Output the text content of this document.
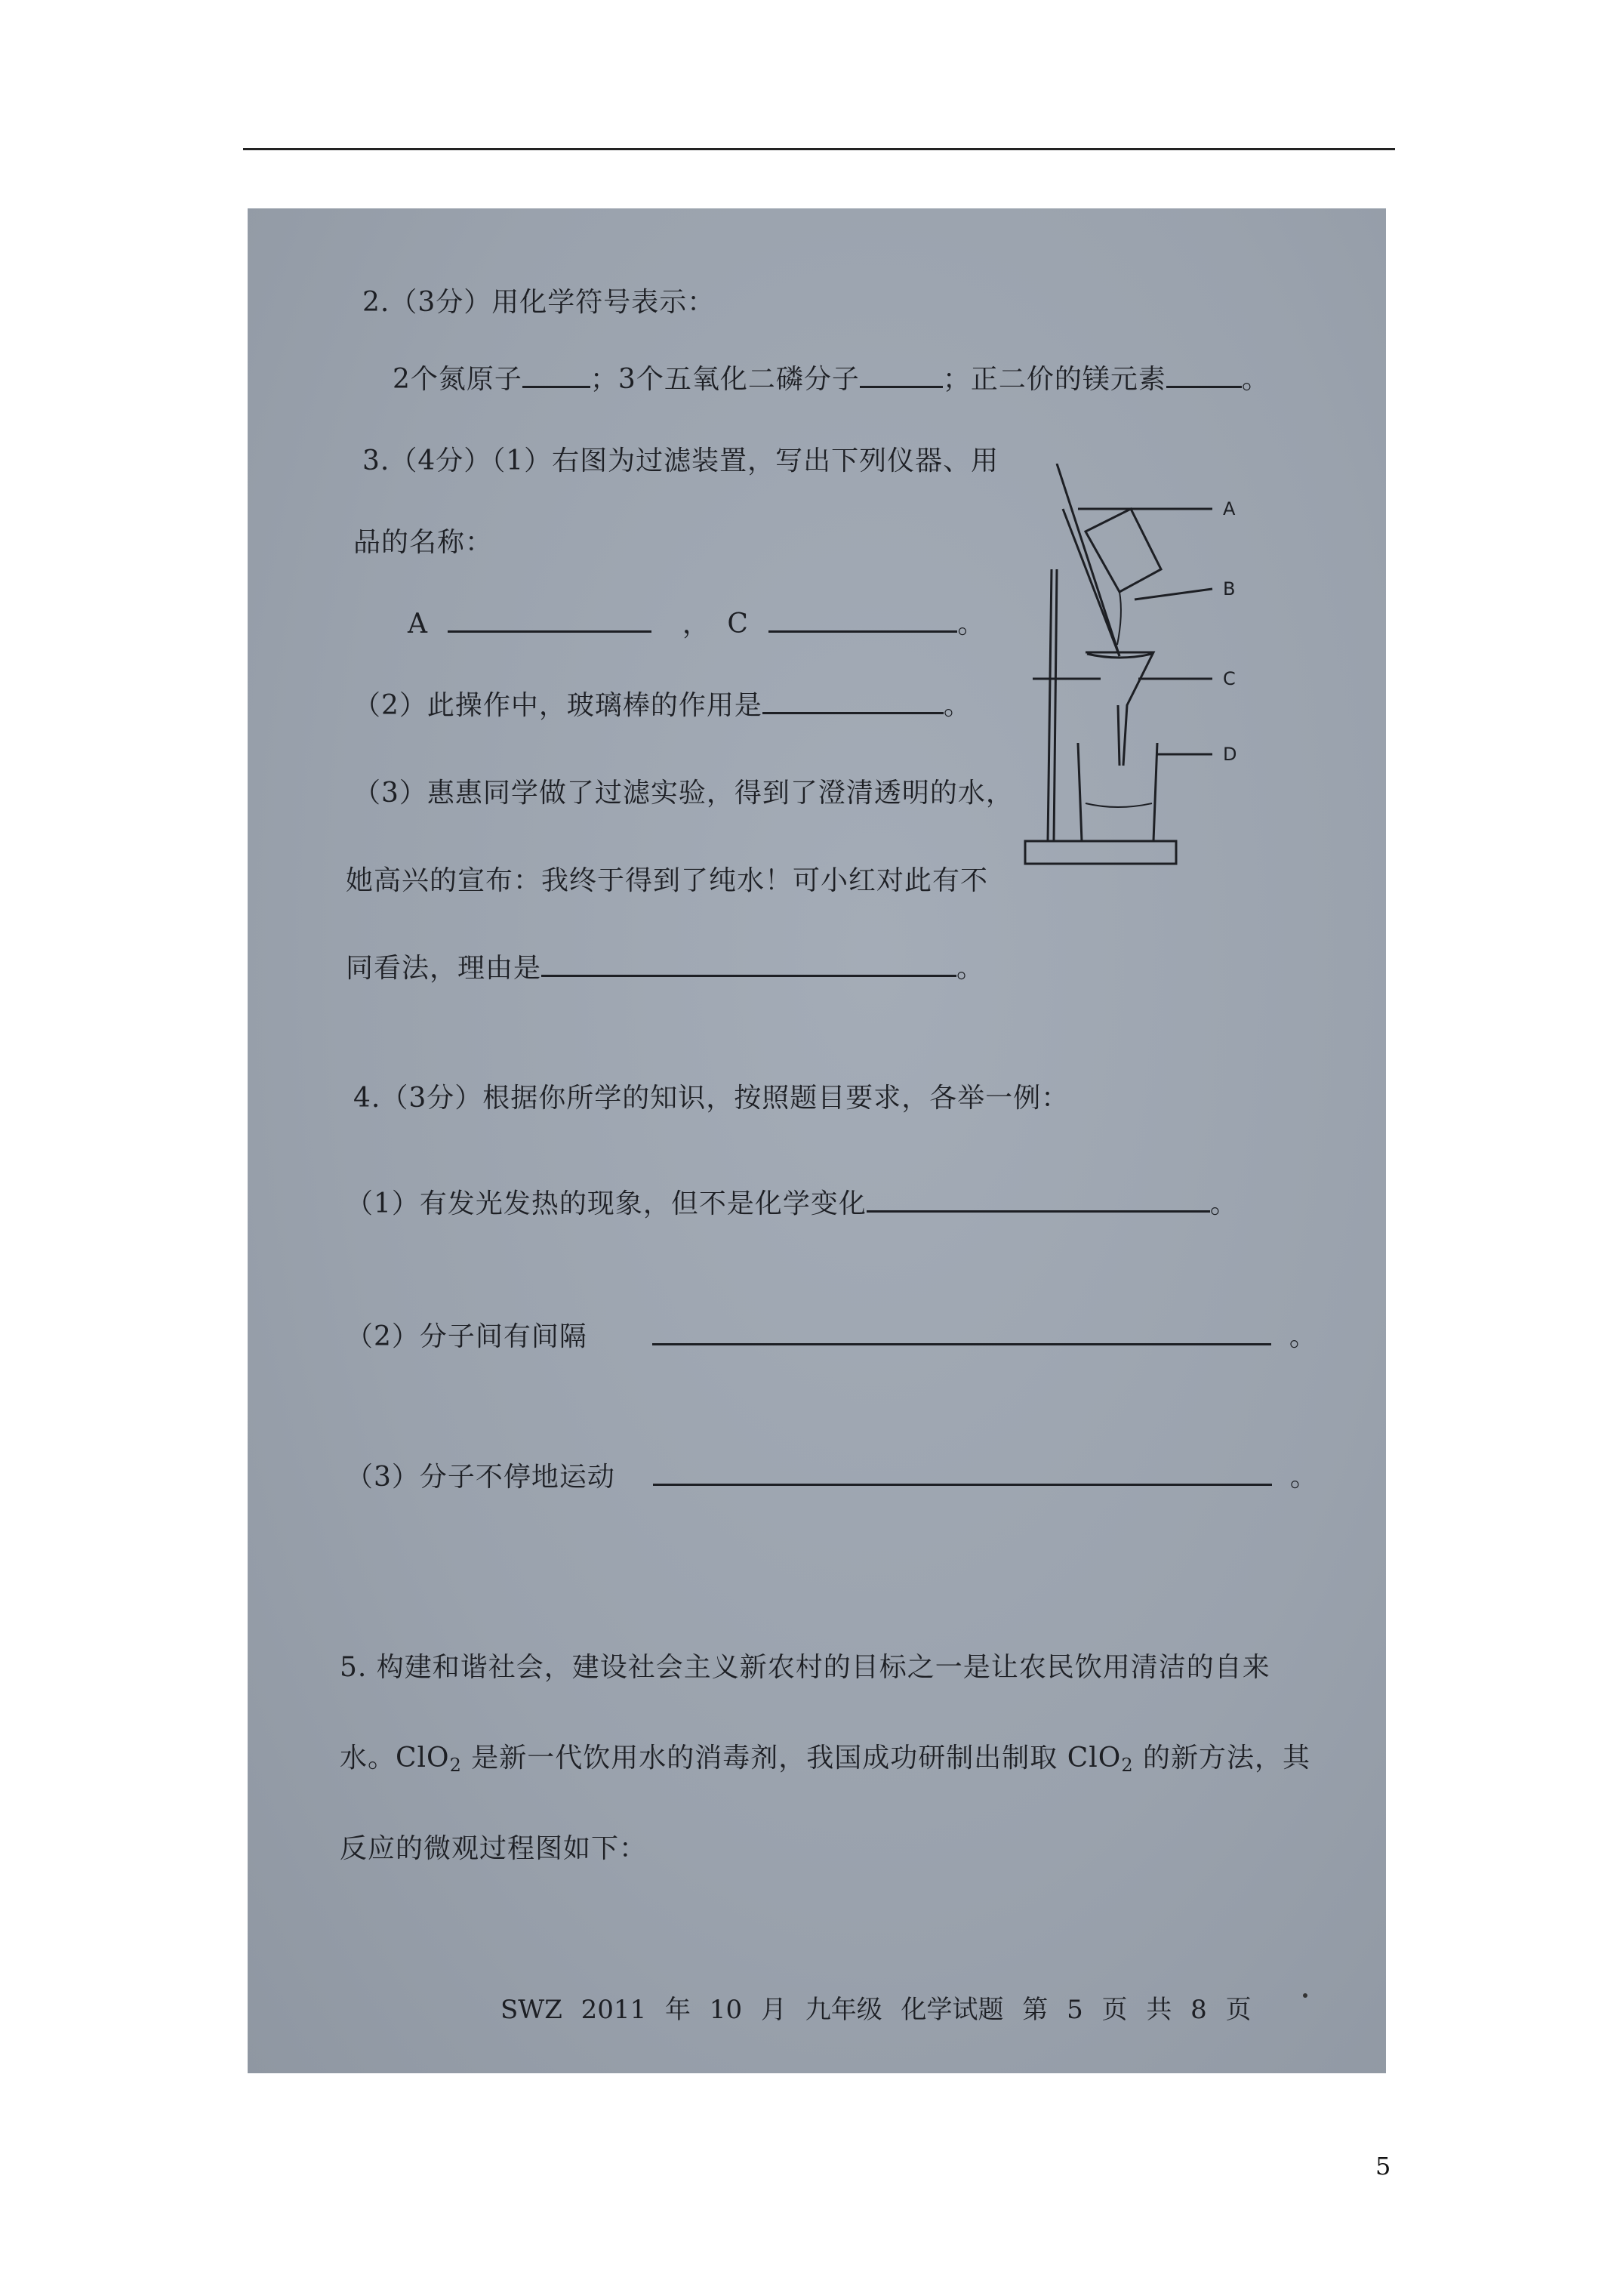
2.（3分）用化学符号表示：
2个氮原子	；3个五氧化二磷分子	；正二价的镁元素	。
3.（4分）（1）右图为过滤装置，写出下列仪器、用
品的名称：
A	， C	。
（2）此操作中，玻璃棒的作用是	。
（3）惠惠同学做了过滤实验，得到了澄清透明的水，
她高兴的宣布：我终于得到了纯水！可小红对此有不
同看法，理由是	。
A
B
C
D
4.（3分）根据你所学的知识，按照题目要求，各举一例：
（1）有发光发热的现象，但不是化学变化	。
（2）分子间有间隔	。
（3）分子不停地运动	。
5. 构建和谐社会，建设社会主义新农村的目标之一是让农民饮用清洁的自来
水。ClO$_2$ 是新一代饮用水的消毒剂，我国成功研制出制取 ClO$_2$ 的新方法，其
反应的微观过程图如下：
SWZ 2011 年 10 月 九年级 化学试题 第 5 页 共 8 页
5
